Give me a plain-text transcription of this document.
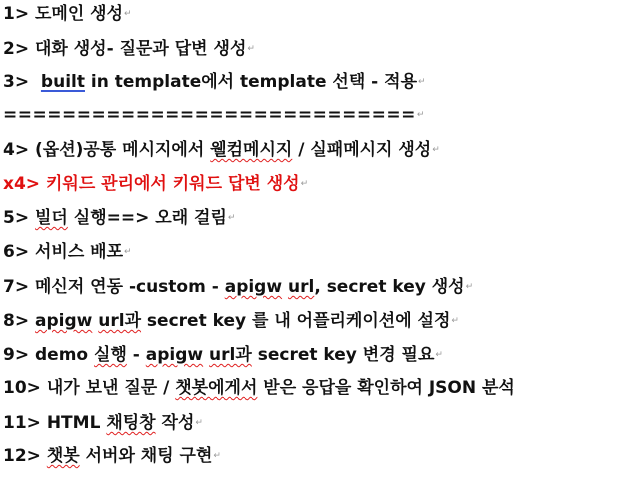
1> 도메인 생성↵
2> 대화 생성- 질문과 답변 생성↵
3> built in template에서 template 선택 - 적용↵
============================↵
4> (옵션)공통 메시지에서 웰컴메시지 / 실패메시지 생성↵
x4> 키워드 관리에서 키워드 답변 생성↵
5> 빌더 실행==> 오래 걸림↵
6> 서비스 배포↵
7> 메신저 연동 -custom - apigw url, secret key 생성↵
8> apigw url과 secret key 를 내 어플리케이션에 설정↵
9> demo 실행 - apigw url과 secret key 변경 필요↵
10> 내가 보낸 질문 / 챗봇에게서 받은 응답을 확인하여 JSON 분석
11> HTML 채팅창 작성↵
12> 챗봇 서버와 채팅 구현↵
